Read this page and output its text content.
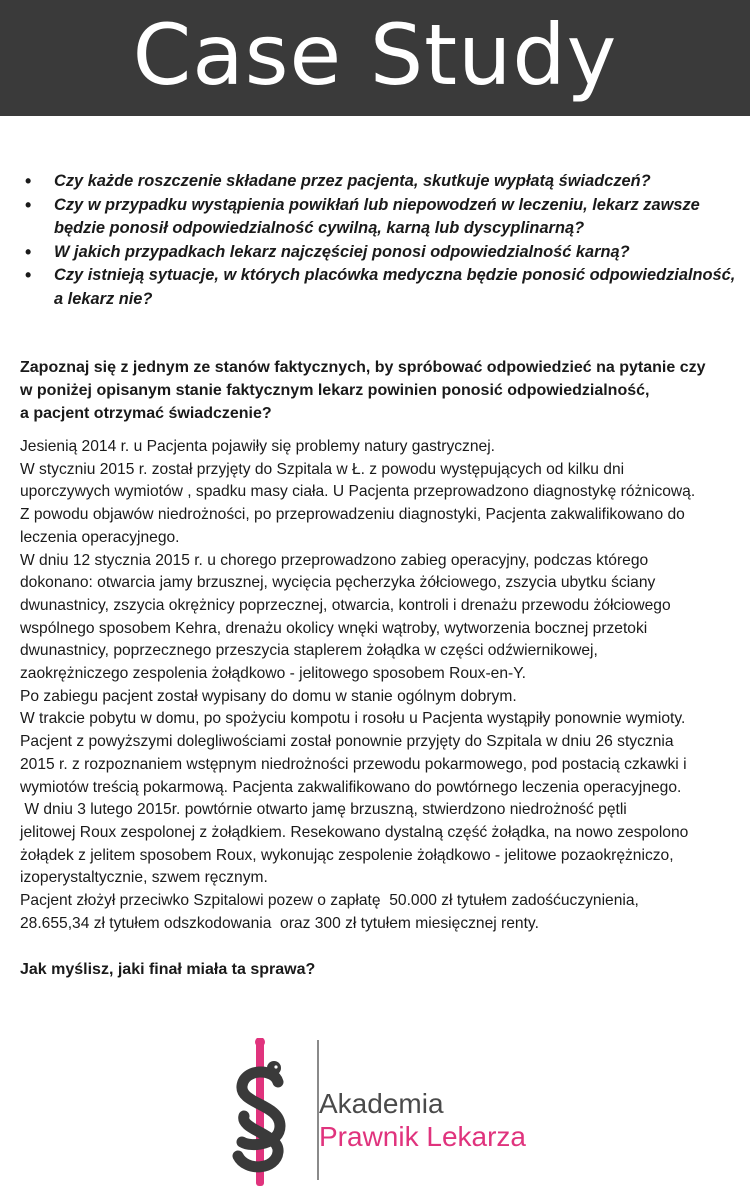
Case Study
• Czy każde roszczenie składane przez pacjenta, skutkuje wypłatą świadczeń?
• Czy w przypadku wystąpienia powikłań lub niepowodzeń w leczeniu, lekarz zawsze
będzie ponosił odpowiedzialność cywilną, karną lub dyscyplinarną?
• W jakich przypadkach lekarz najczęściej ponosi odpowiedzialność karną?
• Czy istnieją sytuacje, w których placówka medyczna będzie ponosić odpowiedzialność,
a lekarz nie?
Zapoznaj się z jednym ze stanów faktycznych, by spróbować odpowiedzieć na pytanie czy
w poniżej opisanym stanie faktycznym lekarz powinien ponosić odpowiedzialność,
a pacjent otrzymać świadczenie?
Jesienią 2014 r. u Pacjenta pojawiły się problemy natury gastrycznej.
W styczniu 2015 r. został przyjęty do Szpitala w Ł. z powodu występujących od kilku dni
uporczywych wymiotów , spadku masy ciała. U Pacjenta przeprowadzono diagnostykę różnicową.
Z powodu objawów niedrożności, po przeprowadzeniu diagnostyki, Pacjenta zakwalifikowano do
leczenia operacyjnego.
W dniu 12 stycznia 2015 r. u chorego przeprowadzono zabieg operacyjny, podczas którego
dokonano: otwarcia jamy brzusznej, wycięcia pęcherzyka żółciowego, zszycia ubytku ściany
dwunastnicy, zszycia okrężnicy poprzecznej, otwarcia, kontroli i drenażu przewodu żółciowego
wspólnego sposobem Kehra, drenażu okolicy wnęki wątroby, wytworzenia bocznej przetoki
dwunastnicy, poprzecznego przeszycia staplerem żołądka w części odźwiernikowej,
zaokrężniczego zespolenia żołądkowo - jelitowego sposobem Roux-en-Y.
Po zabiegu pacjent został wypisany do domu w stanie ogólnym dobrym.
W trakcie pobytu w domu, po spożyciu kompotu i rosołu u Pacjenta wystąpiły ponownie wymioty.
Pacjent z powyższymi dolegliwościami został ponownie przyjęty do Szpitala w dniu 26 stycznia
2015 r. z rozpoznaniem wstępnym niedrożności przewodu pokarmowego, pod postacią czkawki i
wymiotów treścią pokarmową. Pacjenta zakwalifikowano do powtórnego leczenia operacyjnego.
W dniu 3 lutego 2015r. powtórnie otwarto jamę brzuszną, stwierdzono niedrożność pętli
jelitowej Roux zespolonej z żołądkiem. Resekowano dystalną część żołądka, na nowo zespolono
żołądek z jelitem sposobem Roux, wykonując zespolenie żołądkowo - jelitowe pozaokrężniczo,
izoperystaltycznie, szwem ręcznym.
Pacjent złożył przeciwko Szpitalowi pozew o zapłatę  50.000 zł tytułem zadośćuczynienia,
28.655,34 zł tytułem odszkodowania  oraz 300 zł tytułem miesięcznej renty.
Jak myślisz, jaki finał miała ta sprawa?
Akademia
Prawnik Lekarza
